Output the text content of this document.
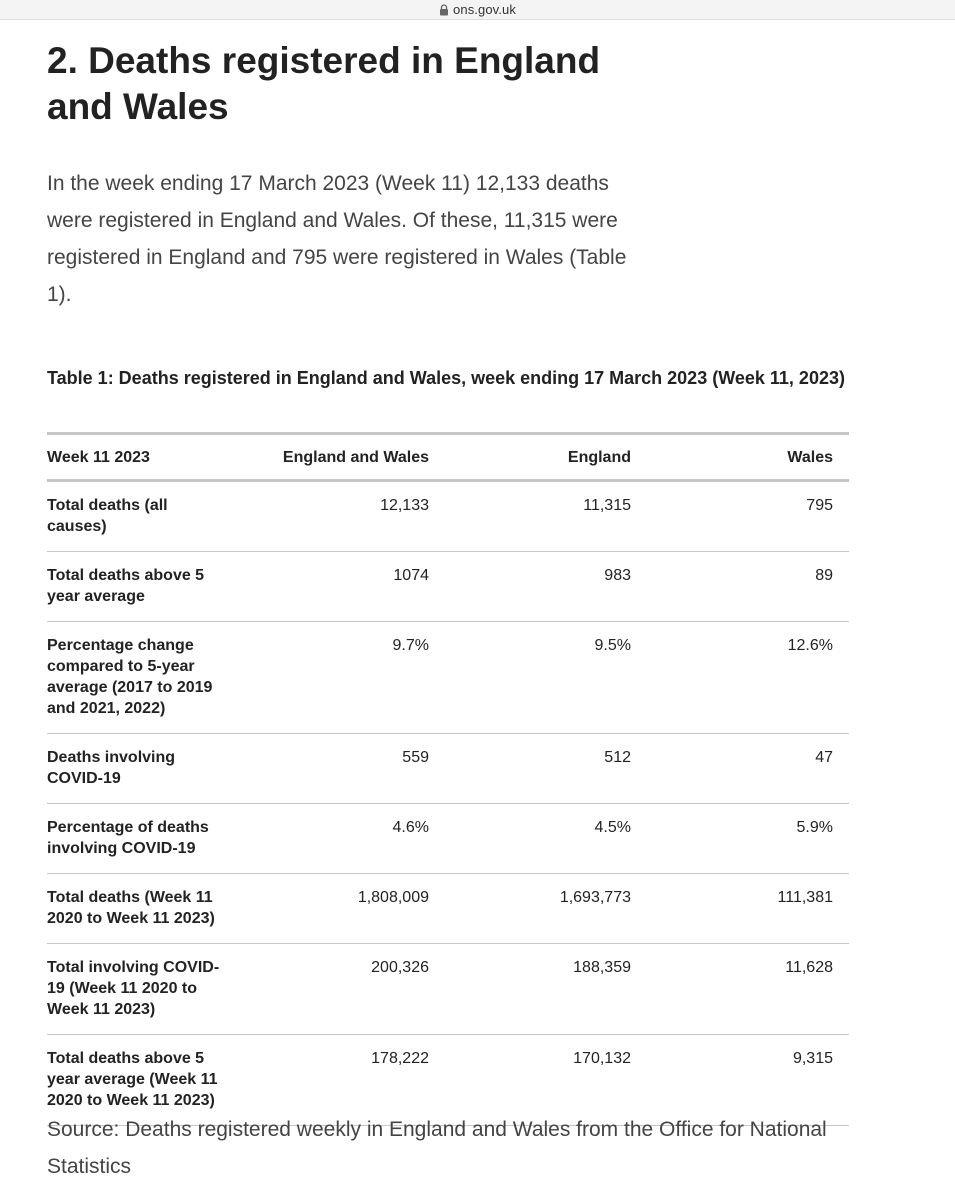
ons.gov.uk
2. Deaths registered in England and Wales

In the week ending 17 March 2023 (Week 11) 12,133 deaths were registered in England and Wales. Of these, 11,315 were registered in England and 795 were registered in Wales (Table 1).

Table 1: Deaths registered in England and Wales, week ending 17 March 2023 (Week 11, 2023)
Week 11 2023	England and Wales	England	Wales
Total deaths (all causes)	12,133	11,315	795
Total deaths above 5 year average	1074	983	89
Percentage change compared to 5-year average (2017 to 2019 and 2021, 2022)	9.7%	9.5%	12.6%
Deaths involving COVID-19	559	512	47
Percentage of deaths involving COVID-19	4.6%	4.5%	5.9%
Total deaths (Week 11 2020 to Week 11 2023)	1,808,009	1,693,773	111,381
Total involving COVID-19 (Week 11 2020 to Week 11 2023)	200,326	188,359	11,628
Total deaths above 5 year average (Week 11 2020 to Week 11 2023)	178,222	170,132	9,315

Source: Deaths registered weekly in England and Wales from the Office for National Statistics
